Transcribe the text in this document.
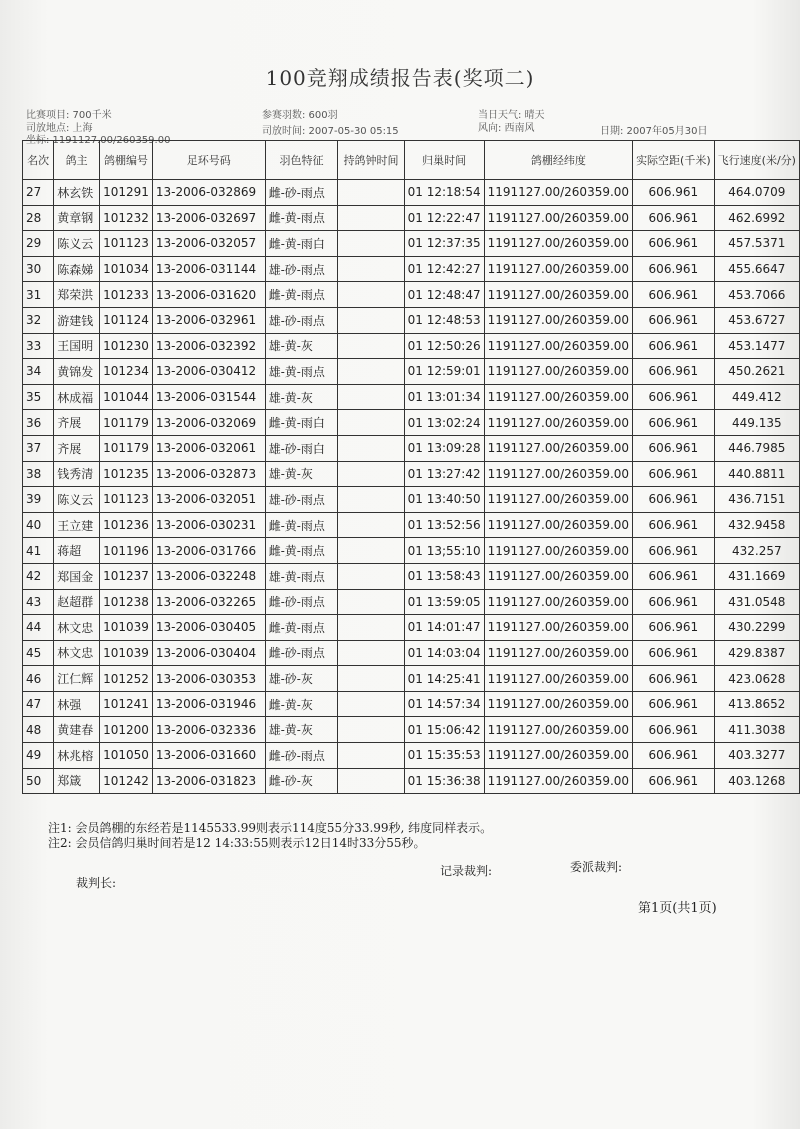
100竞翔成绩报告表(奖项二)
比赛项目: 700千米
司放地点: 上海
坐标: 1191127.00/260359.00
参赛羽数: 600羽
司放时间: 2007-05-30 05:15
当日天气: 晴天
风向: 西南风	日期: 2007年05月30日
名次	鸽主	鸽棚编号	足环号码	羽色特征	持鸽钟时间	归巢时间	鸽棚经纬度	实际空距(千米)	飞行速度(米/分)
27	林玄铁	101291	13-2006-032869	雌-砂-雨点		01 12:18:54	1191127.00/260359.00	606.961	464.0709
28	黄章钢	101232	13-2006-032697	雌-黄-雨点		01 12:22:47	1191127.00/260359.00	606.961	462.6992
29	陈义云	101123	13-2006-032057	雌-黄-雨白		01 12:37:35	1191127.00/260359.00	606.961	457.5371
30	陈森娣	101034	13-2006-031144	雄-砂-雨点		01 12:42:27	1191127.00/260359.00	606.961	455.6647
31	郑荣洪	101233	13-2006-031620	雌-黄-雨点		01 12:48:47	1191127.00/260359.00	606.961	453.7066
32	游建钱	101124	13-2006-032961	雄-砂-雨点		01 12:48:53	1191127.00/260359.00	606.961	453.6727
33	王国明	101230	13-2006-032392	雄-黄-灰		01 12:50:26	1191127.00/260359.00	606.961	453.1477
34	黄锦发	101234	13-2006-030412	雄-黄-雨点		01 12:59:01	1191127.00/260359.00	606.961	450.2621
35	林成福	101044	13-2006-031544	雄-黄-灰		01 13:01:34	1191127.00/260359.00	606.961	449.412
36	齐展	101179	13-2006-032069	雌-黄-雨白		01 13:02:24	1191127.00/260359.00	606.961	449.135
37	齐展	101179	13-2006-032061	雄-砂-雨白		01 13:09:28	1191127.00/260359.00	606.961	446.7985
38	钱秀清	101235	13-2006-032873	雄-黄-灰		01 13:27:42	1191127.00/260359.00	606.961	440.8811
39	陈义云	101123	13-2006-032051	雄-砂-雨点		01 13:40:50	1191127.00/260359.00	606.961	436.7151
40	王立建	101236	13-2006-030231	雌-黄-雨点		01 13:52:56	1191127.00/260359.00	606.961	432.9458
41	蒋超	101196	13-2006-031766	雌-黄-雨点		01 13;55:10	1191127.00/260359.00	606.961	432.257
42	郑国金	101237	13-2006-032248	雄-黄-雨点		01 13:58:43	1191127.00/260359.00	606.961	431.1669
43	赵超群	101238	13-2006-032265	雌-砂-雨点		01 13:59:05	1191127.00/260359.00	606.961	431.0548
44	林文忠	101039	13-2006-030405	雌-黄-雨点		01 14:01:47	1191127.00/260359.00	606.961	430.2299
45	林文忠	101039	13-2006-030404	雌-砂-雨点		01 14:03:04	1191127.00/260359.00	606.961	429.8387
46	江仁辉	101252	13-2006-030353	雄-砂-灰		01 14:25:41	1191127.00/260359.00	606.961	423.0628
47	林强	101241	13-2006-031946	雌-黄-灰		01 14:57:34	1191127.00/260359.00	606.961	413.8652
48	黄建春	101200	13-2006-032336	雄-黄-灰		01 15:06:42	1191127.00/260359.00	606.961	411.3038
49	林兆榕	101050	13-2006-031660	雌-砂-雨点		01 15:35:53	1191127.00/260359.00	606.961	403.3277
50	郑箴	101242	13-2006-031823	雌-砂-灰		01 15:36:38	1191127.00/260359.00	606.961	403.1268
注1: 会员鸽棚的东经若是1145533.99则表示114度55分33.99秒, 纬度同样表示。
注2: 会员信鸽归巢时间若是12 14:33:55则表示12日14时33分55秒。
裁判长:
记录裁判:	委派裁判:
第1页(共1页)
